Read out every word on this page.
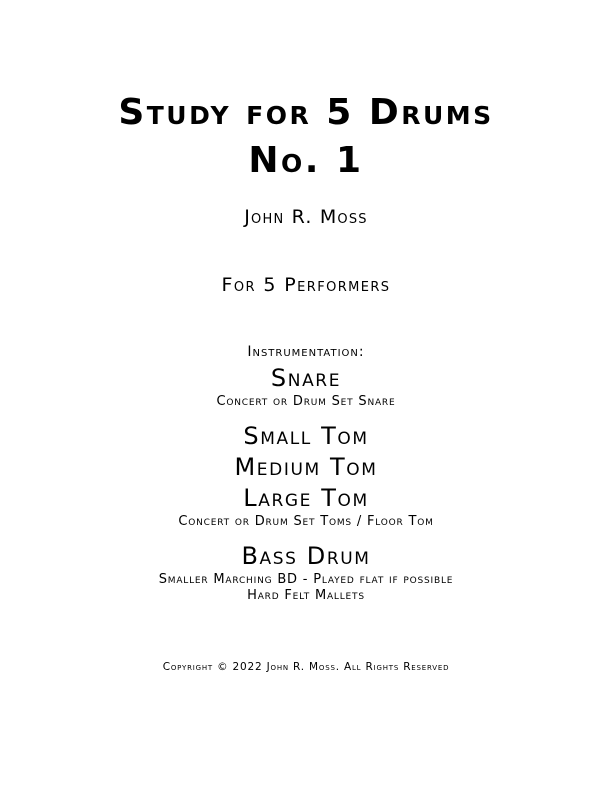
Study for 5 Drums
No. 1
John R. Moss
For 5 Performers
Instrumentation:
Snare
Concert or Drum Set Snare
Small Tom
Medium Tom
Large Tom
Concert or Drum Set Toms / Floor Tom
Bass Drum
Smaller Marching BD - Played flat if possible
Hard Felt Mallets
Copyright © 2022 John R. Moss. All Rights Reserved
